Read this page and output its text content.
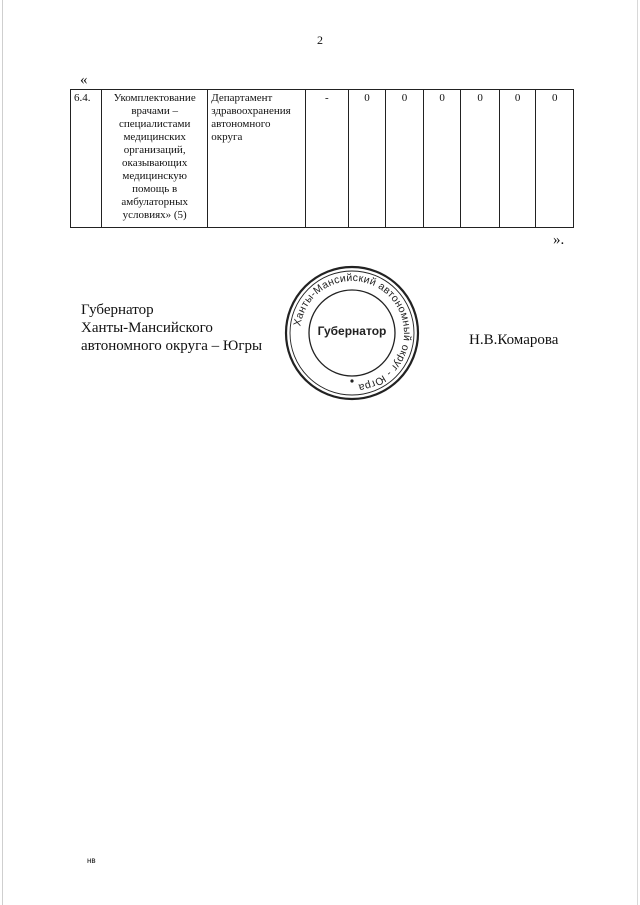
2
«
6.4.	Укомплектование врачами – специалистами медицинских организаций, оказывающих медицинскую помощь в амбулаторных условиях» (5)	Департамент здравоохранения автономного округа	-	0	0	0	0	0	0
».
Губернатор
Ханты-Мансийского
автономного округа – Югры
Ханты-Мансийский автономный округ - Югра
Губернатор
Н.В.Комарова
нв
